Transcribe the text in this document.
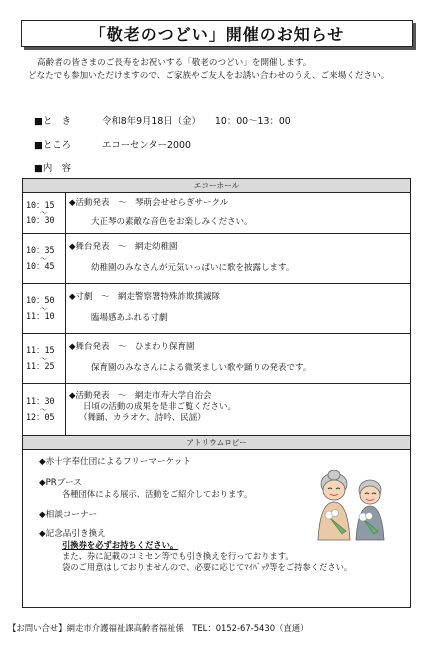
「敬老のつどい」開催のお知らせ

高齢者の皆さまのご長寿をお祝いする「敬老のつどい」を開催します。

どなたでも参加いただけますので、ご家族やご友人をお誘い合わせのうえ、ご来場ください。

■と　き	令和8年9月18日（金）　　10：00〜13：00
■ところ	エコーセンター2000
■内　容
エコーホール
10：15
〜
10：30
◆活動発表　〜　琴萌会せせらぎサークル
大正琴の素敵な音色をお楽しみください。
10：35
〜
10：45
◆舞台発表　〜　網走幼稚園
幼稚園のみなさんが元気いっぱいに歌を披露します。
10：50
〜
11：10
◆寸劇　〜　網走警察署特殊詐欺撲滅隊
臨場感あふれる寸劇
11：15
〜
11：25
◆舞台発表　〜　ひまわり保育園
保育園のみなさんによる微笑ましい歌や踊りの発表です。
11：30
〜
12：05
◆活動発表　〜　網走市寿大学自治会
日頃の活動の成果を是非ご覧ください。
（舞踊、カラオケ、詩吟、民謡）
アトリウムロビー
◆赤十字奉仕団によるフリーマーケット
◆PRブース
各種団体による展示、活動をご紹介しております。
◆相談コーナー
◆記念品引き換え
引換券を必ずお持ちください。
また、券に記載のコミセン等でも引き換えを行っております。
袋のご用意はしておりませんので、必要に応じてﾏｲﾊﾞｯｸ等をご持参ください。
【お問い合せ】網走市介護福祉課高齢者福祉係　TEL：0152-67-5430（直通）
